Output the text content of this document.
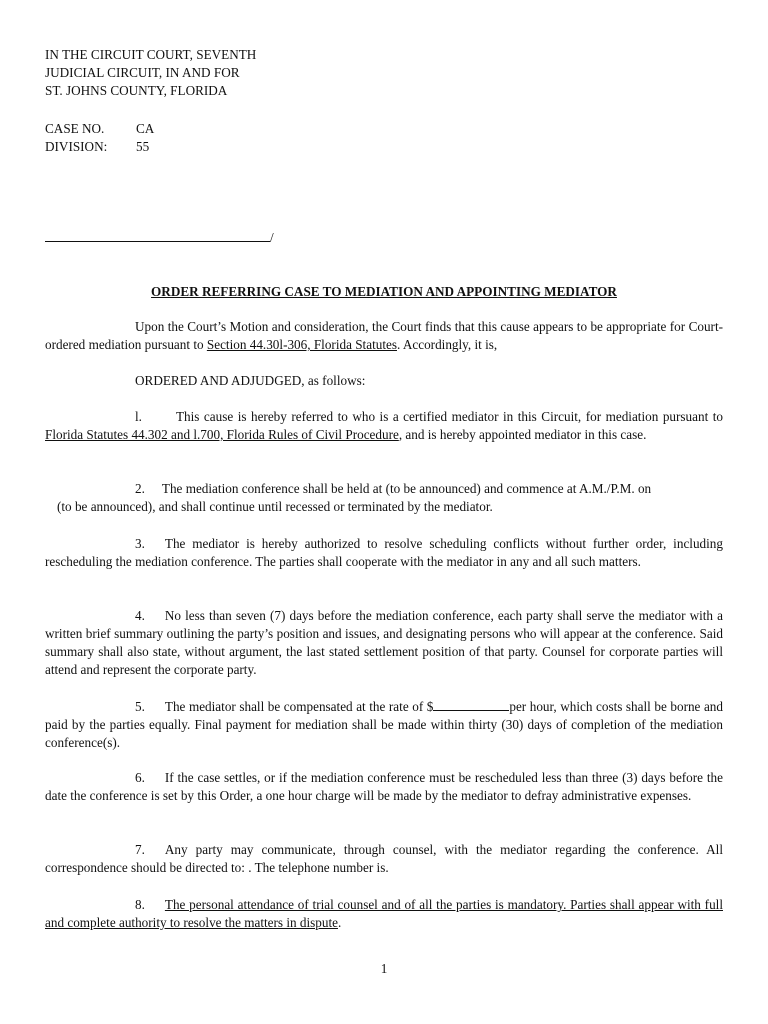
IN THE CIRCUIT COURT, SEVENTH
JUDICIAL CIRCUIT, IN AND FOR
ST. JOHNS COUNTY, FLORIDA
CASE NO.	CA
DIVISION:	55
/
ORDER REFERRING CASE TO MEDIATION AND APPOINTING MEDIATOR
Upon the Court’s Motion and consideration, the Court finds that this cause appears to be appropriate for Court-ordered mediation pursuant to Section 44.30l-306, Florida Statutes. Accordingly, it is,
ORDERED AND ADJUDGED, as follows:
l.	This cause is hereby referred to who is a certified mediator in this Circuit, for mediation pursuant to Florida Statutes 44.302 and l.700, Florida Rules of Civil Procedure, and is hereby appointed mediator in this case.
2. The mediation conference shall be held at (to be announced) and commence at A.M./P.M. on
(to be announced), and shall continue until recessed or terminated by the mediator.
3. The mediator is hereby authorized to resolve scheduling conflicts without further order, including rescheduling the mediation conference. The parties shall cooperate with the mediator in any and all such matters.
4. No less than seven (7) days before the mediation conference, each party shall serve the mediator with a written brief summary outlining the party’s position and issues, and designating persons who will appear at the conference. Said summary shall also state, without argument, the last stated settlement position of that party. Counsel for corporate parties will attend and represent the corporate party.
5. The mediator shall be compensated at the rate of $	per hour, which costs shall be borne and paid by the parties equally. Final payment for mediation shall be made within thirty (30) days of completion of the mediation conference(s).
6. If the case settles, or if the mediation conference must be rescheduled less than three (3) days before the date the conference is set by this Order, a one hour charge will be made by the mediator to defray administrative expenses.
7. Any party may communicate, through counsel, with the mediator regarding the conference. All correspondence should be directed to: . The telephone number is.
8. The personal attendance of trial counsel and of all the parties is mandatory. Parties shall appear with full and complete authority to resolve the matters in dispute.
1
